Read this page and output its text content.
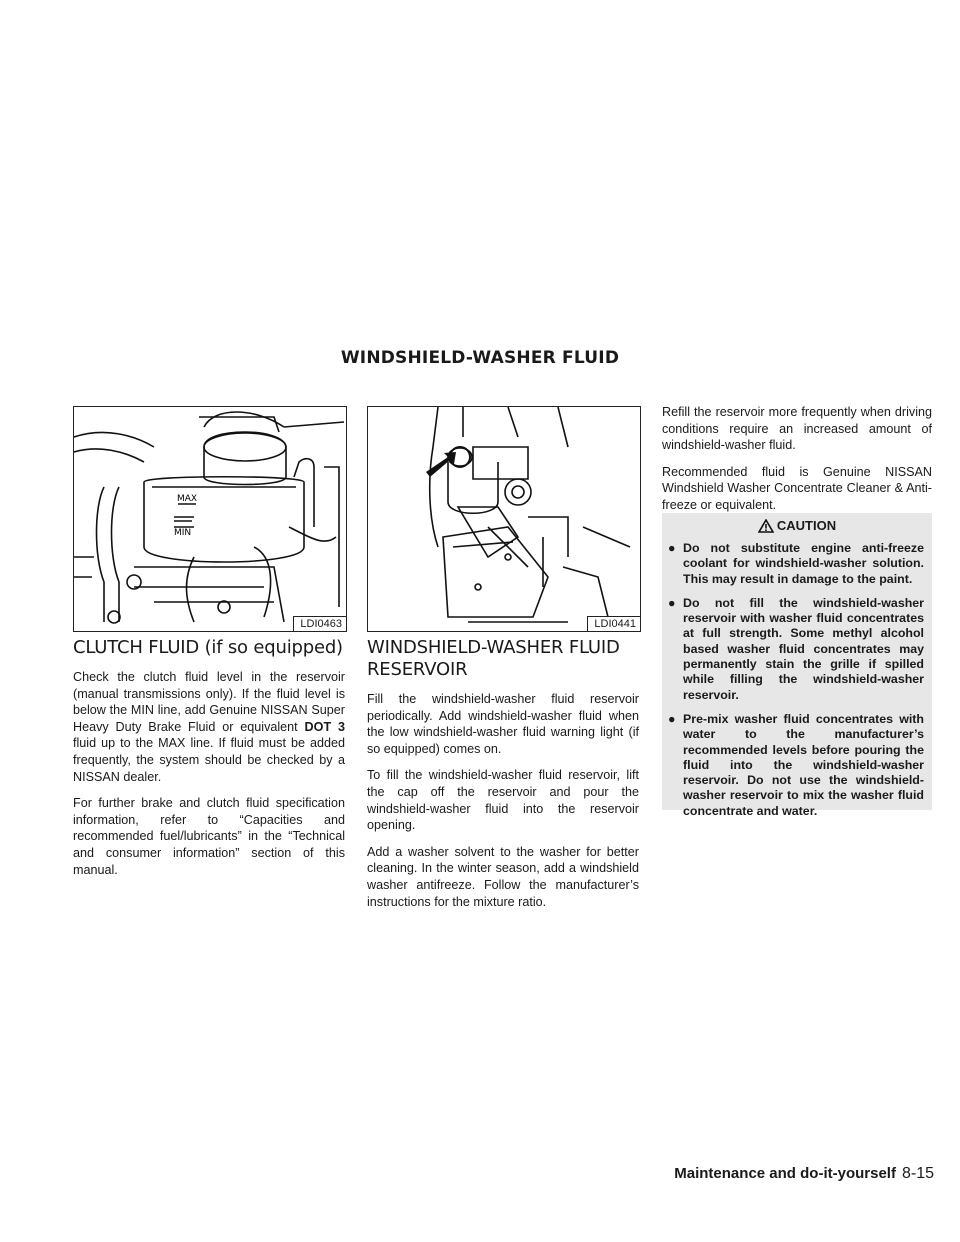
WINDSHIELD-WASHER FLUID
MAX
MIN
LDI0463	LDI0441
CLUTCH FLUID (if so equipped)

Check the clutch fluid level in the reservoir (manual transmissions only). If the fluid level is below the MIN line, add Genuine NISSAN Super Heavy Duty Brake Fluid or equivalent DOT 3 fluid up to the MAX line. If fluid must be added frequently, the system should be checked by a NISSAN dealer.

For further brake and clutch fluid specification information, refer to “Capacities and recommended fuel/lubricants” in the “Technical and consumer information” section of this manual.

WINDSHIELD-WASHER FLUID
RESERVOIR

Fill the windshield-washer fluid reservoir periodically. Add windshield-washer fluid when the low windshield-washer fluid warning light (if so equipped) comes on.

To fill the windshield-washer fluid reservoir, lift the cap off the reservoir and pour the windshield-washer fluid into the reservoir opening.

Add a washer solvent to the washer for better cleaning. In the winter season, add a windshield washer antifreeze. Follow the manufacturer’s instructions for the mixture ratio.

Refill the reservoir more frequently when driving conditions require an increased amount of windshield-washer fluid.

Recommended fluid is Genuine NISSAN Windshield Washer Concentrate Cleaner & Anti-freeze or equivalent.

CAUTION
● Do not substitute engine anti-freeze coolant for windshield-washer solution. This may result in damage to the paint.
● Do not fill the windshield-washer reservoir with washer fluid concentrates at full strength. Some methyl alcohol based washer fluid concentrates may permanently stain the grille if spilled while filling the windshield-washer reservoir.
● Pre-mix washer fluid concentrates with water to the manufacturer’s recommended levels before pouring the fluid into the windshield-washer reservoir. Do not use the windshield-washer reservoir to mix the washer fluid concentrate and water.
Maintenance and do-it-yourself 8-15
